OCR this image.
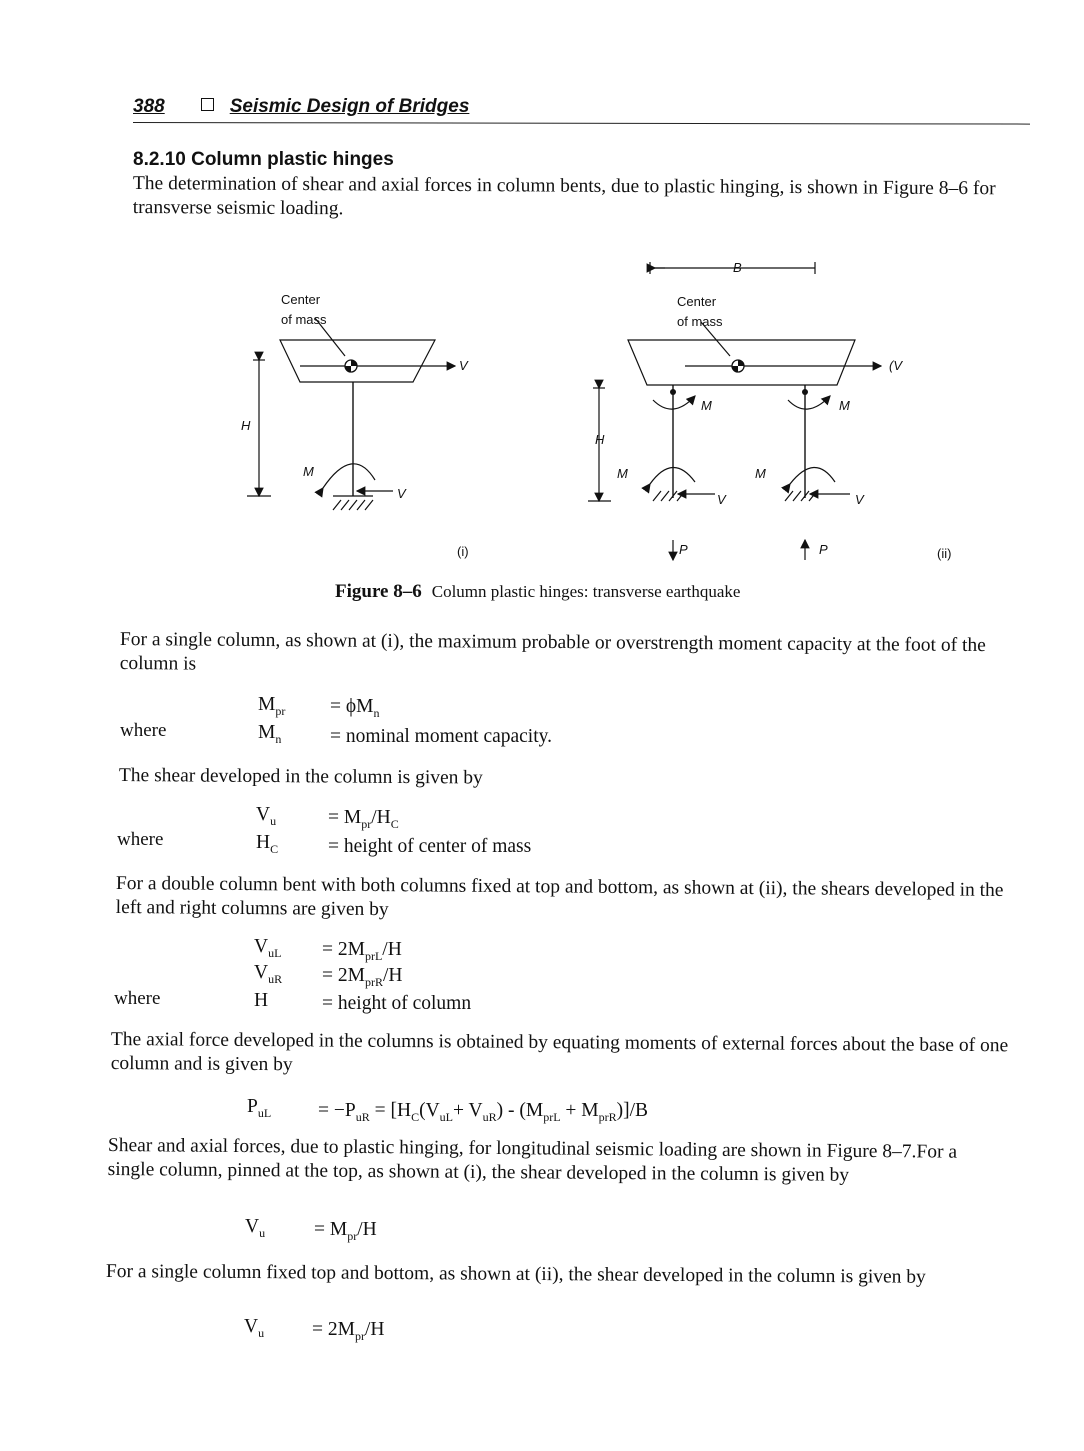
388	Seismic Design of Bridges
8.2.10 Column plastic hinges
The determination of shear and axial forces in column bents, due to plastic hinging, is shown in Figure 8–6 for transverse seismic loading.
Center
of mass
Center
of mass
V
H
M
V
(i)
B
(V
H
M	M
M	M
V	V
P	P	(ii)
Figure 8–6 Column plastic hinges: transverse earthquake
For a single column, as shown at (i), the maximum probable or overstrength moment capacity at the foot of the column is
$M_{pr} = \phi M_n$
where	$M_n$ = nominal moment capacity.
The shear developed in the column is given by
$V_u$	= $M_{pr}/H_C$
where	$H_C$	= height of center of mass
For a double column bent with both columns fixed at top and bottom, as shown at (ii), the shears developed in the left and right columns are given by
$V_{uL} = 2M_{prL}/H$
$V_{uR} = 2M_{prR}/H$
where	H	= height of column
The axial force developed in the columns is obtained by equating moments of external forces about the base of one column and is given by
$P_{uL} = -P_{uR} = [H_C(V_{uL}+ V_{uR}) - (M_{prL} + M_{prR})]/B$
Shear and axial forces, due to plastic hinging, for longitudinal seismic loading are shown in Figure 8–7.For a single column, pinned at the top, as shown at (i), the shear developed in the column is given by
$V_u$	= $M_{pr}/H$
For a single column fixed top and bottom, as shown at (ii), the shear developed in the column is given by
$V_u = 2M_{pr}/H$
